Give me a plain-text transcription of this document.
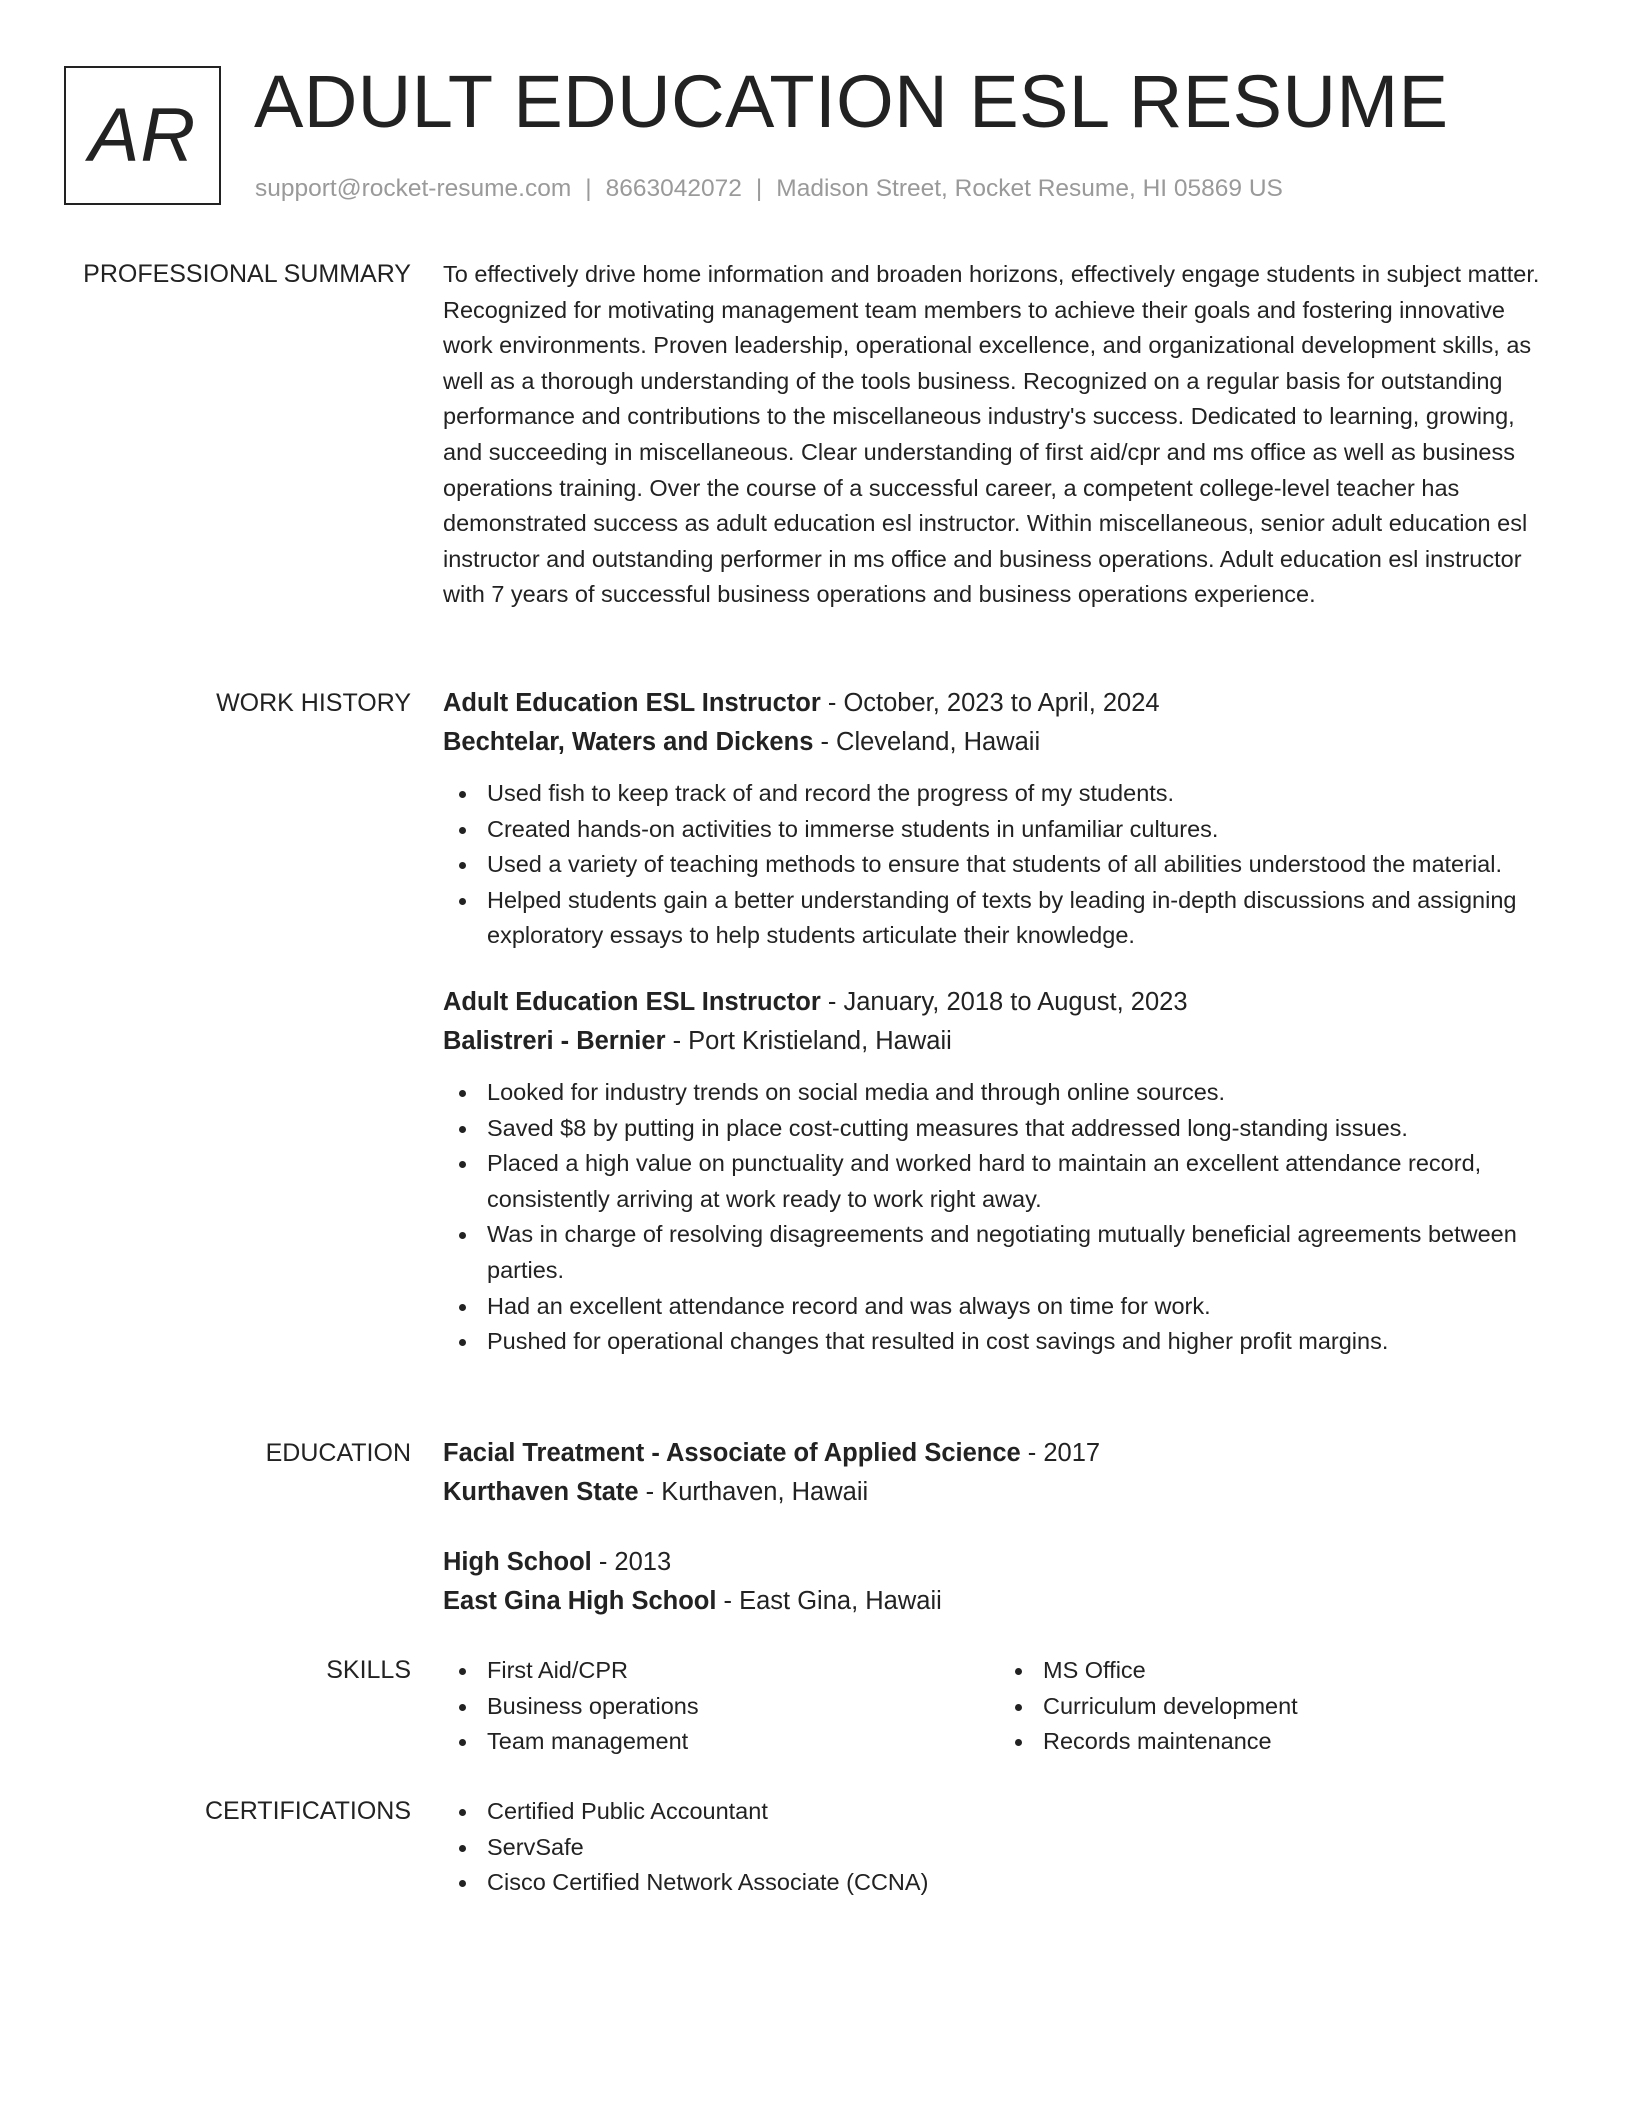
AR ADULT EDUCATION ESL RESUME
support@rocket-resume.com | 8663042072 | Madison Street, Rocket Resume, HI 05869 US
PROFESSIONAL SUMMARY To effectively drive home information and broaden horizons, effectively engage students in subject matter. Recognized for motivating management team members to achieve their goals and fostering innovative work environments. Proven leadership, operational excellence, and organizational development skills, as well as a thorough understanding of the tools business. Recognized on a regular basis for outstanding performance and contributions to the miscellaneous industry's success. Dedicated to learning, growing, and succeeding in miscellaneous. Clear understanding of first aid/cpr and ms office as well as business operations training. Over the course of a successful career, a competent college-level teacher has demonstrated success as adult education esl instructor. Within miscellaneous, senior adult education esl instructor and outstanding performer in ms office and business operations. Adult education esl instructor with 7 years of successful business operations and business operations experience.

WORK HISTORY Adult Education ESL Instructor - October, 2023 to April, 2024
Bechtelar, Waters and Dickens - Cleveland, Hawaii
Used fish to keep track of and record the progress of my students.
Created hands-on activities to immerse students in unfamiliar cultures.
Used a variety of teaching methods to ensure that students of all abilities understood the material.
Helped students gain a better understanding of texts by leading in-depth discussions and assigning exploratory essays to help students articulate their knowledge.
Adult Education ESL Instructor - January, 2018 to August, 2023
Balistreri - Bernier - Port Kristieland, Hawaii
Looked for industry trends on social media and through online sources.
Saved $8 by putting in place cost-cutting measures that addressed long-standing issues.
Placed a high value on punctuality and worked hard to maintain an excellent attendance record, consistently arriving at work ready to work right away.
Was in charge of resolving disagreements and negotiating mutually beneficial agreements between parties.
Had an excellent attendance record and was always on time for work.
Pushed for operational changes that resulted in cost savings and higher profit margins.
EDUCATION Facial Treatment - Associate of Applied Science - 2017
Kurthaven State - Kurthaven, Hawaii
High School - 2013
East Gina High School - East Gina, Hawaii
SKILLS	First Aid/CPR
Business operations
Team management
MS Office
Curriculum development
Records maintenance
CERTIFICATIONS	Certified Public Accountant
ServSafe
Cisco Certified Network Associate (CCNA)
